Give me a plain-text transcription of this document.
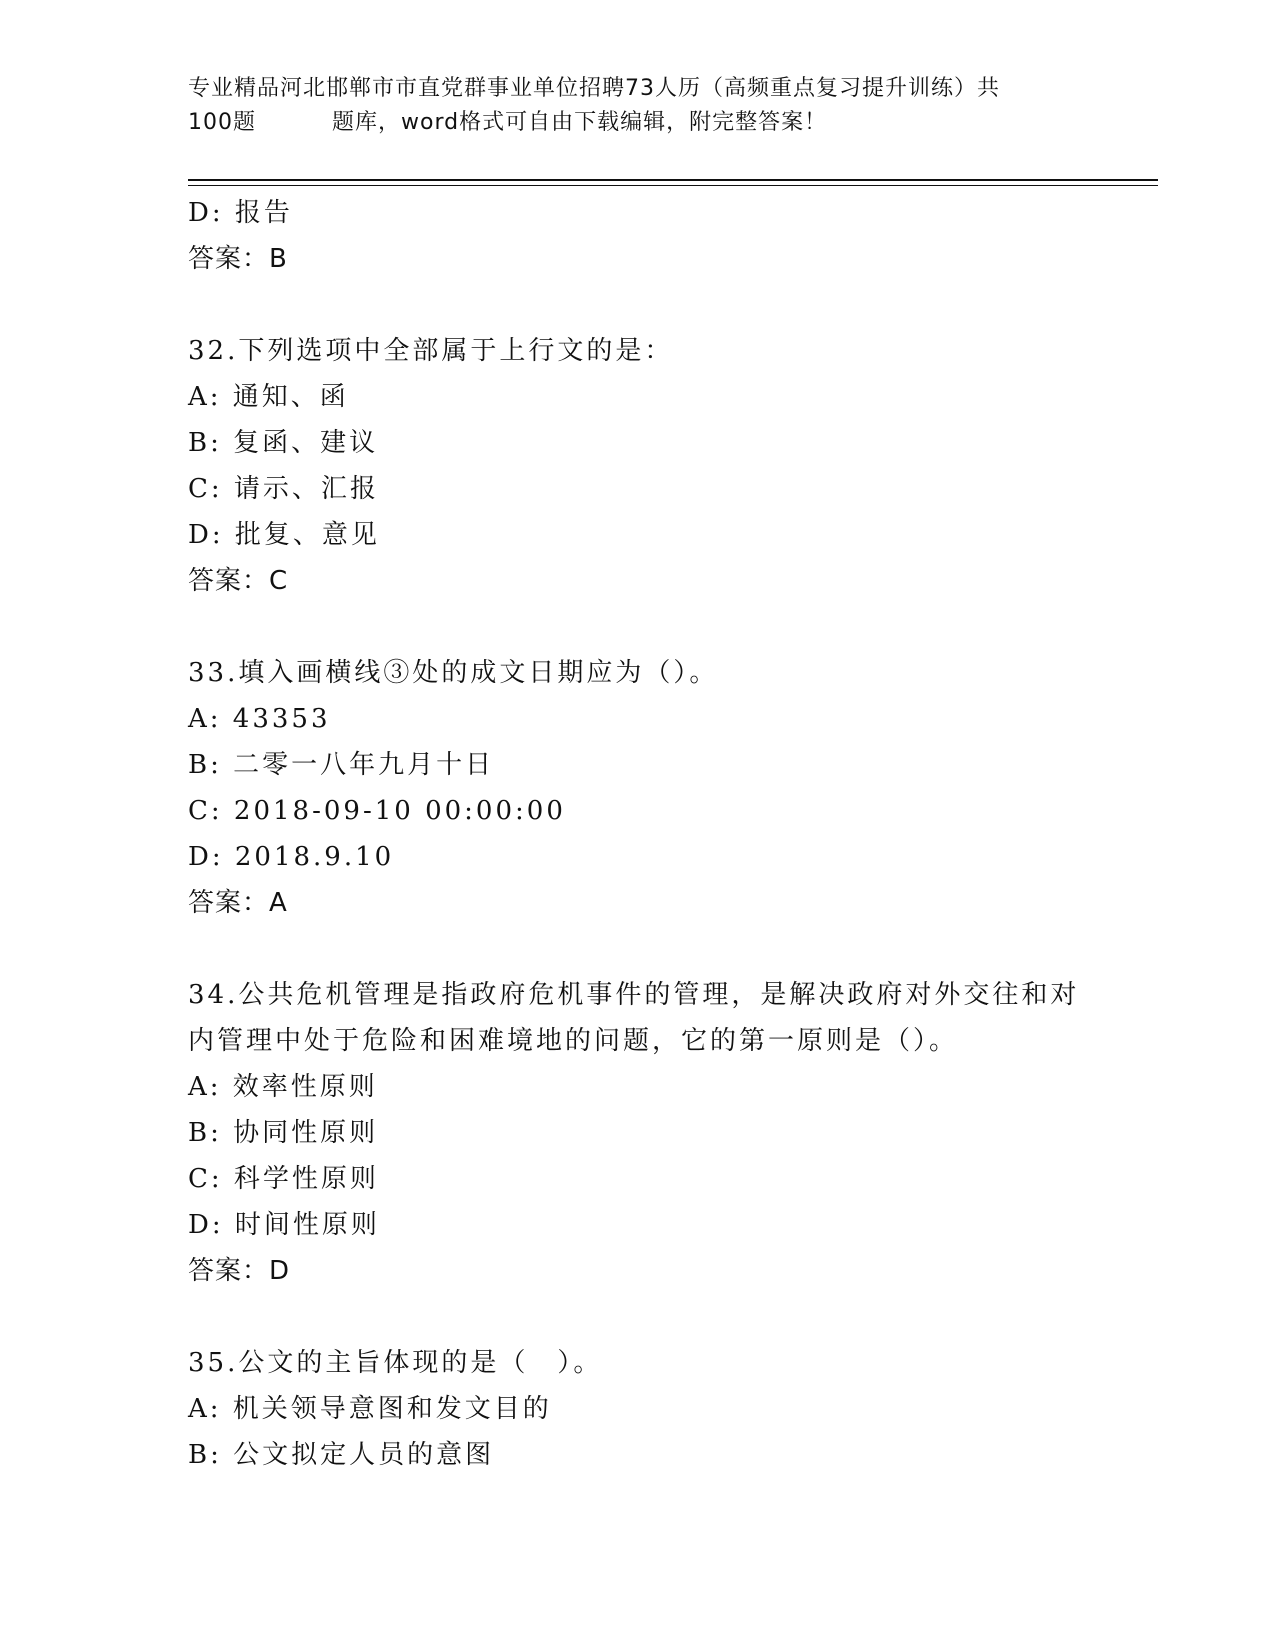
专业精品河北邯郸市市直党群事业单位招聘73人历（高频重点复习提升训练）共
100题	题库，word格式可自由下载编辑，附完整答案！
D: 报告
答案：B
32.下列选项中全部属于上行文的是：
A: 通知、函
B: 复函、建议
C: 请示、汇报
D: 批复、意见
答案：C
33.填入画横线③处的成文日期应为（）。
A: 43353
B: 二零一八年九月十日
C: 2018-09-10 00:00:00
D: 2018.9.10
答案：A
34.公共危机管理是指政府危机事件的管理，是解决政府对外交往和对
内管理中处于危险和困难境地的问题，它的第一原则是（）。
A: 效率性原则
B: 协同性原则
C: 科学性原则
D: 时间性原则
答案：D
35.公文的主旨体现的是（　）。
A: 机关领导意图和发文目的
B: 公文拟定人员的意图
